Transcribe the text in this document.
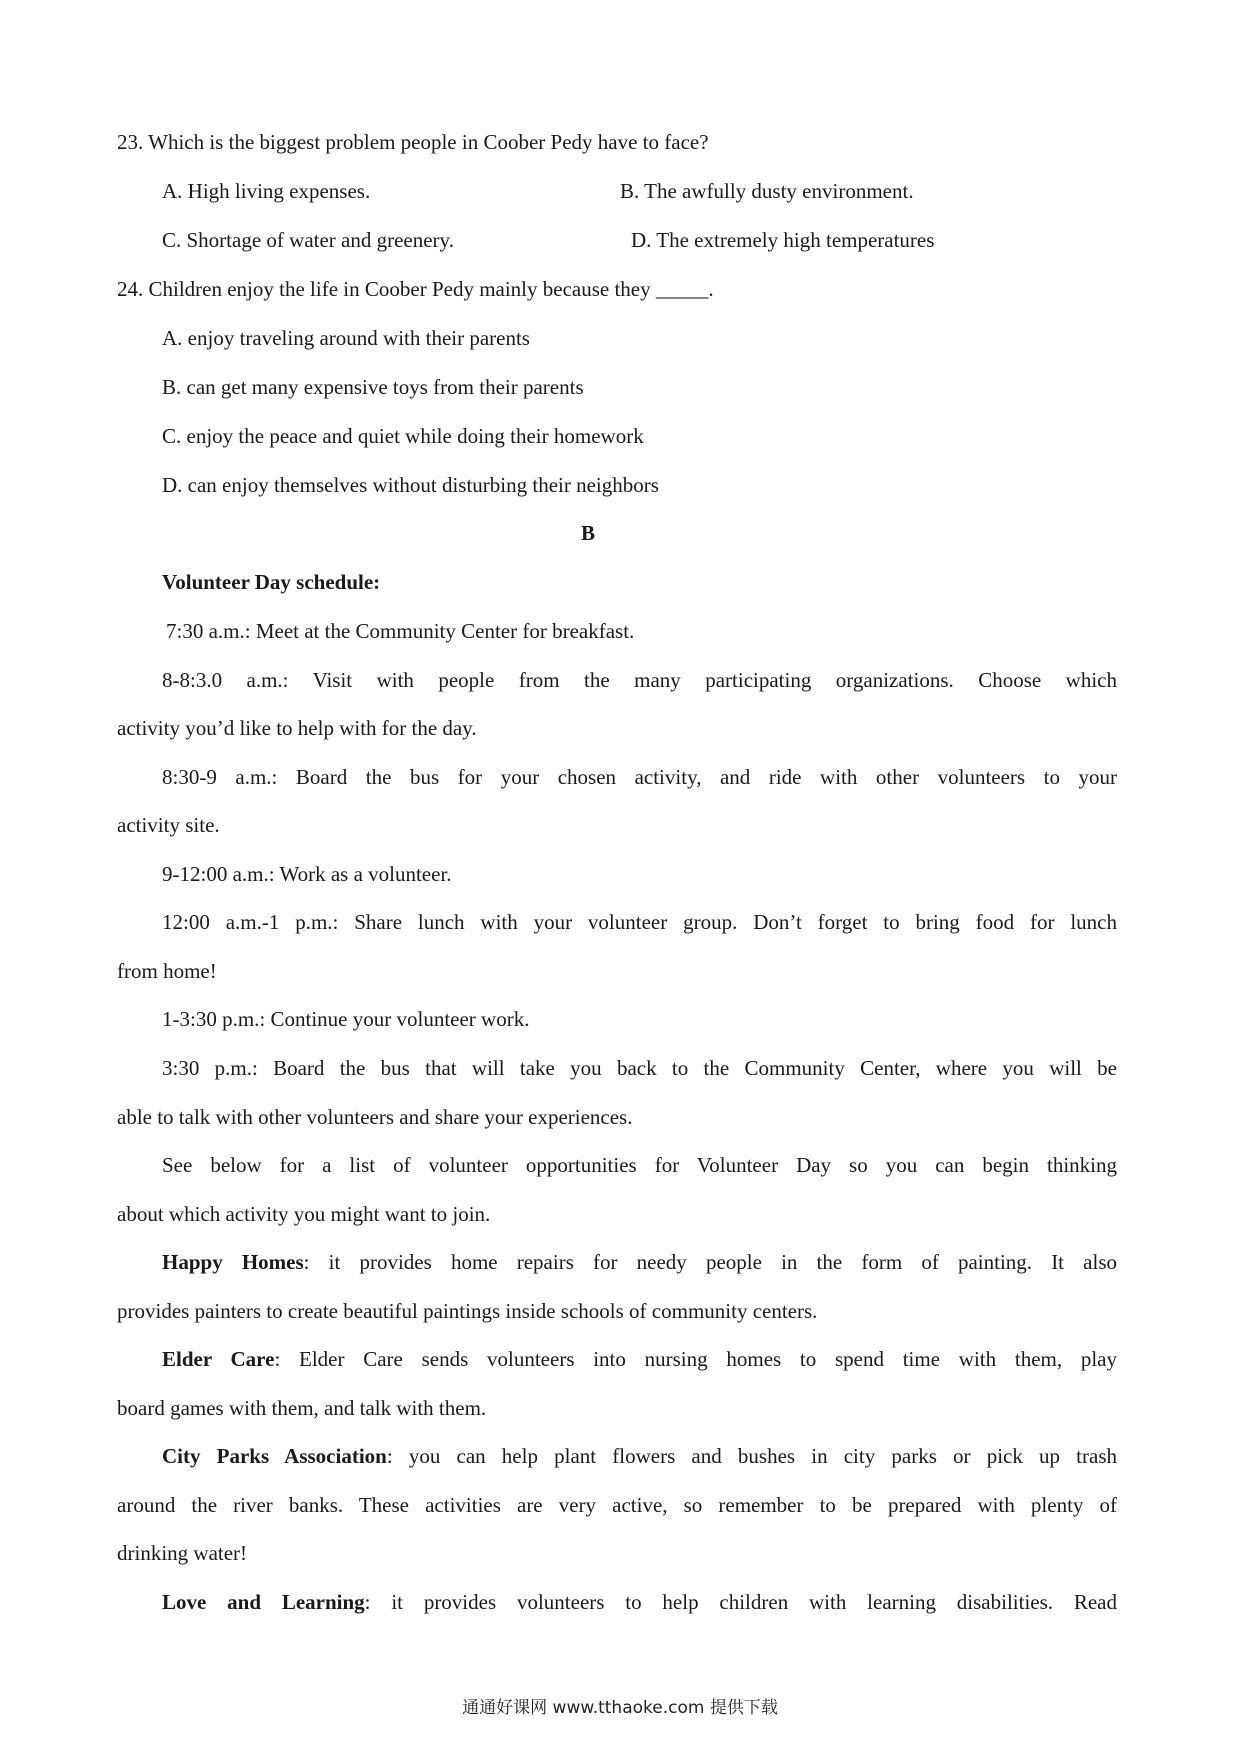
23. Which is the biggest problem people in Coober Pedy have to face?
A. High living expenses.	B. The awfully dusty environment.
C. Shortage of water and greenery.	D. The extremely high temperatures
24. Children enjoy the life in Coober Pedy mainly because they _____.
A. enjoy traveling around with their parents
B. can get many expensive toys from their parents
C. enjoy the peace and quiet while doing their homework
D. can enjoy themselves without disturbing their neighbors
B
Volunteer Day schedule:
7:30 a.m.: Meet at the Community Center for breakfast.
8-8:3.0 a.m.: Visit with people from the many participating organizations. Choose which
activity you’d like to help with for the day.
8:30-9 a.m.: Board the bus for your chosen activity, and ride with other volunteers to your
activity site.
9-12:00 a.m.: Work as a volunteer.
12:00 a.m.-1 p.m.: Share lunch with your volunteer group. Don’t forget to bring food for lunch
from home!
1-3:30 p.m.: Continue your volunteer work.
3:30 p.m.: Board the bus that will take you back to the Community Center, where you will be
able to talk with other volunteers and share your experiences.
See below for a list of volunteer opportunities for Volunteer Day so you can begin thinking
about which activity you might want to join.
Happy Homes: it provides home repairs for needy people in the form of painting. It also
provides painters to create beautiful paintings inside schools of community centers.
Elder Care: Elder Care sends volunteers into nursing homes to spend time with them, play
board games with them, and talk with them.
City Parks Association: you can help plant flowers and bushes in city parks or pick up trash
around the river banks. These activities are very active, so remember to be prepared with plenty of
drinking water!
Love and Learning: it provides volunteers to help children with learning disabilities. Read
通通好课网 www.tthaoke.com 提供下载
